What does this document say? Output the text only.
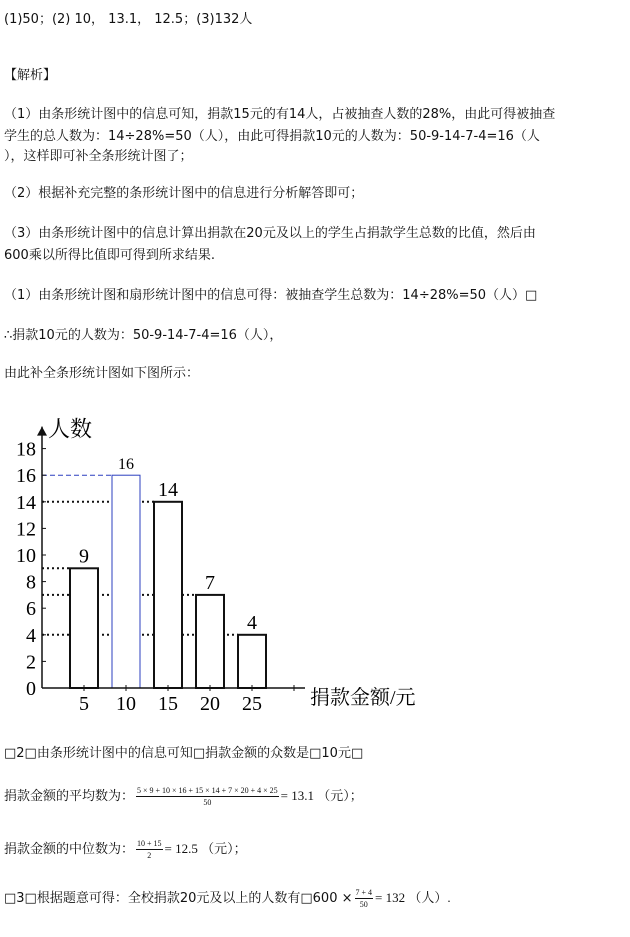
(1)50；(2) 10， 13.1， 12.5；(3)132人
【解析】
（1）由条形统计图中的信息可知，捐款15元的有14人，占被抽查人数的28%，由此可得被抽查
学生的总人数为：14÷28%=50（人），由此可得捐款10元的人数为：50-9-14-7-4=16（人
），这样即可补全条形统计图了；
（2）根据补充完整的条形统计图中的信息进行分析解答即可；
（3）由条形统计图中的信息计算出捐款在20元及以上的学生占捐款学生总数的比值，然后由
600乘以所得比值即可得到所求结果.
（1）由条形统计图和扇形统计图中的信息可得：被抽查学生总数为：14÷28%=50（人）□
∴捐款10元的人数为：50-9-14-7-4=16（人），
由此补全条形统计图如下图所示：
0
2
4
6
8
10
12
14
16
18
人数
9
5
16
10
14
15
7
20
4
25 捐款金额/元
□2□由条形统计图中的信息可知□捐款金额的众数是□10元□
捐款金额的平均数为： $\frac{5 \times 9 + 10 \times 16 + 15 \times 14 + 7 \times 20 + 4 \times 25}{50} = 13.1$ （元）；
捐款金额的中位数为： $\frac{10 + 15}{2} = 12.5$ （元）；
□3□根据题意可得：全校捐款20元及以上的人数有□600 × $\frac{7 + 4}{50} = 132$ （人）.
